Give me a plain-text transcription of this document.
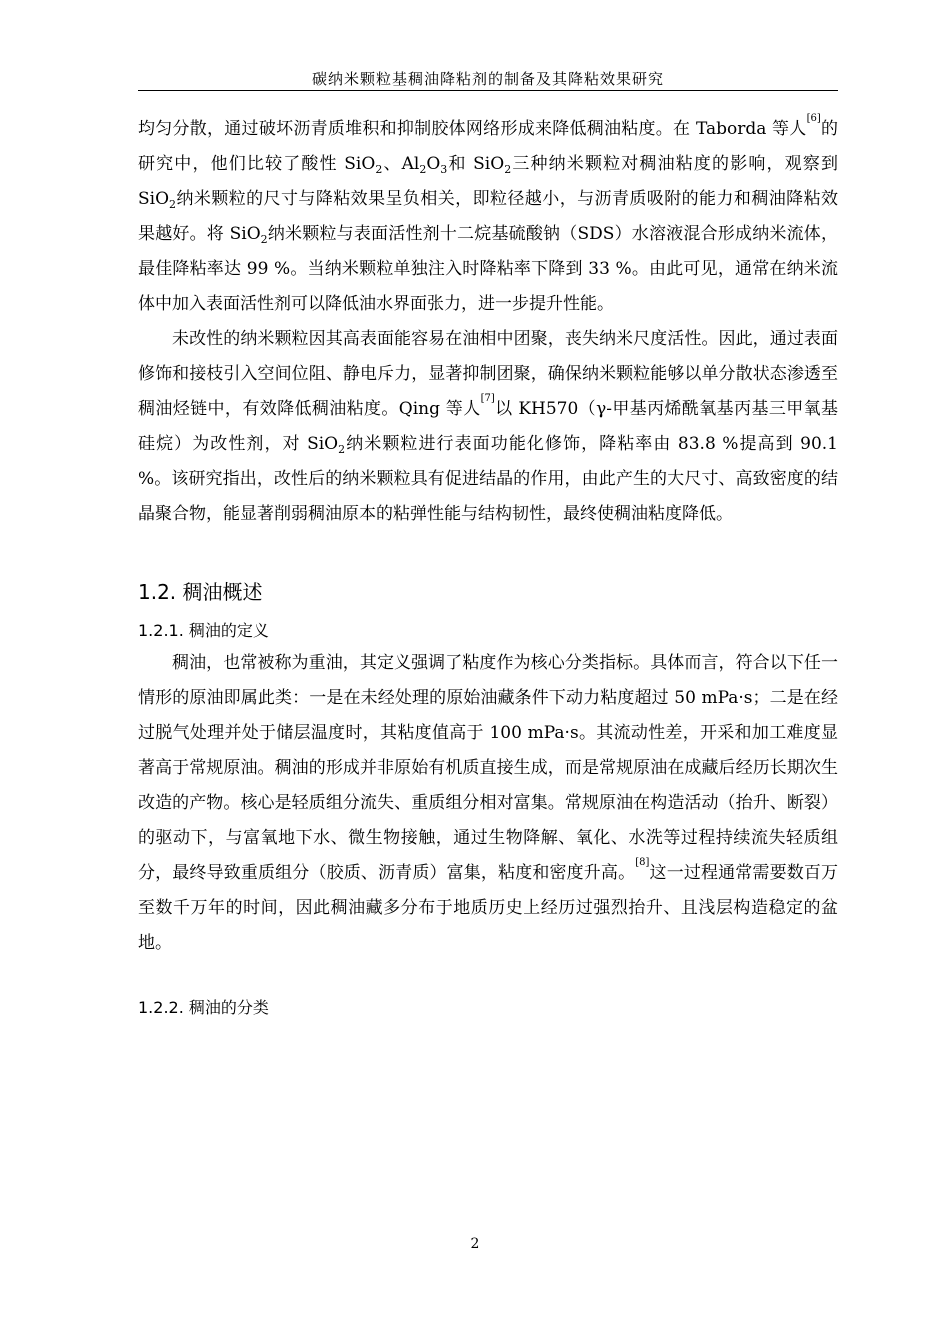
碳纳米颗粒基稠油降粘剂的制备及其降粘效果研究

均匀分散，通过破坏沥青质堆积和抑制胶体网络形成来降低稠油粘度。在 Taborda 等人[6]的研究中，他们比较了酸性 SiO$_2$、$Al_2O_3$和 SiO$_2$三种纳米颗粒对稠油粘度的影响，观察到 SiO$_2$纳米颗粒的尺寸与降粘效果呈负相关，即粒径越小，与沥青质吸附的能力和稠油降粘效果越好。将 SiO$_2$纳米颗粒与表面活性剂十二烷基硫酸钠（SDS）水溶液混合形成纳米流体，最佳降粘率达 99 %。当纳米颗粒单独注入时降粘率下降到 33 %。由此可见，通常在纳米流体中加入表面活性剂可以降低油水界面张力，进一步提升性能。

未改性的纳米颗粒因其高表面能容易在油相中团聚，丧失纳米尺度活性。因此，通过表面修饰和接枝引入空间位阻、静电斥力，显著抑制团聚，确保纳米颗粒能够以单分散状态渗透至稠油烃链中，有效降低稠油粘度。Qing 等人[7]以 KH570（γ-甲基丙烯酰氧基丙基三甲氧基硅烷）为改性剂，对 SiO$_2$纳米颗粒进行表面功能化修饰，降粘率由 83.8 %提高到 90.1 %。该研究指出，改性后的纳米颗粒具有促进结晶的作用，由此产生的大尺寸、高致密度的结晶聚合物，能显著削弱稠油原本的粘弹性能与结构韧性，最终使稠油粘度降低。

1.2. 稠油概述
1.2.1. 稠油的定义

稠油，也常被称为重油，其定义强调了粘度作为核心分类指标。具体而言，符合以下任一情形的原油即属此类：一是在未经处理的原始油藏条件下动力粘度超过 50 mPa·s；二是在经过脱气处理并处于储层温度时，其粘度值高于 100 mPa·s。其流动性差，开采和加工难度显著高于常规原油。稠油的形成并非原始有机质直接生成，而是常规原油在成藏后经历长期次生改造的产物。核心是轻质组分流失、重质组分相对富集。常规原油在构造活动（抬升、断裂）的驱动下，与富氧地下水、微生物接触，通过生物降解、氧化、水洗等过程持续流失轻质组分，最终导致重质组分（胶质、沥青质）富集，粘度和密度升高。[8]这一过程通常需要数百万至数千万年的时间，因此稠油藏多分布于地质历史上经历过强烈抬升、且浅层构造稳定的盆地。

1.2.2. 稠油的分类
2
